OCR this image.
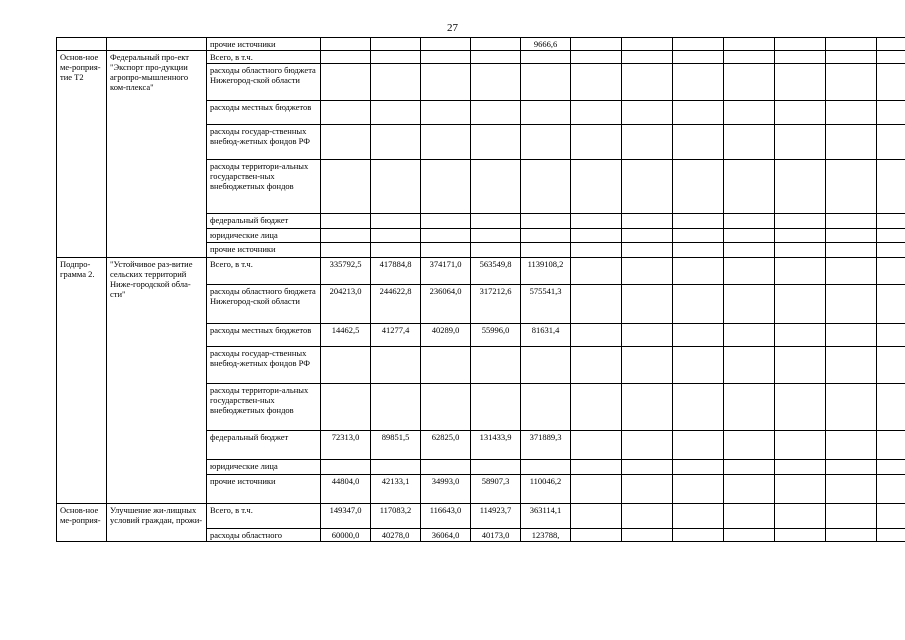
27
		прочие источники					9666,6							
Основ-ное ме-роприя-тие Т2	Федеральный про-ект "Экспорт про-дукции агропро-мышленного ком-плекса"	Всего, в т.ч.												
		расходы областного бюджета Нижегород-ской области												
		расходы местных бюджетов												
		расходы государ-ственных внебюд-жетных фондов РФ												
		расходы территори-альных государствен-ных внебюджетных фондов												
		федеральный бюджет												
		юридические лица												
		прочие источники												
Подпро-грамма 2.	"Устойчивое раз-витие сельских территорий Ниже-городской обла-сти"	Всего, в т.ч.	335792,5	417884,8	374171,0	563549,8	1139108,2							
		расходы областного бюджета Нижегород-ской области	204213,0	244622,8	236064,0	317212,6	575541,3							
		расходы местных бюджетов	14462,5	41277,4	40289,0	55996,0	81631,4							
		расходы государ-ственных внебюд-жетных фондов РФ												
		расходы территори-альных государствен-ных внебюджетных фондов												
		федеральный бюджет	72313,0	89851,5	62825,0	131433,9	371889,3							
		юридические лица												
		прочие источники	44804,0	42133,1	34993,0	58907,3	110046,2							
Основ-ное ме-роприя-	Улучшение жи-лищных условий граждан, прожи-	Всего, в т.ч.	149347,0	117083,2	116643,0	114923,7	363114,1							
		расходы областного	60000,0	40278,0	36064,0	40173,0	123788,							
